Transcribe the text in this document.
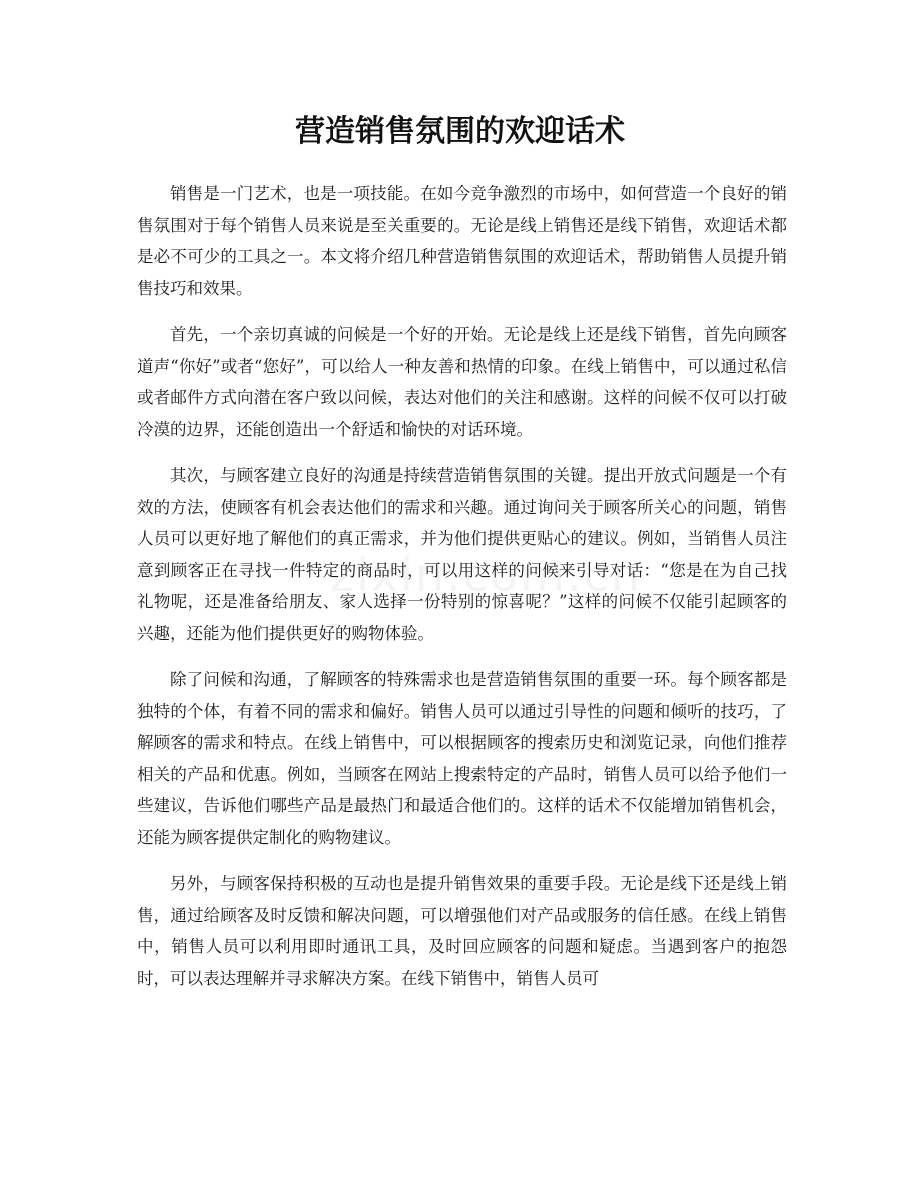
营造销售氛围的欢迎话术

销售是一门艺术，也是一项技能。在如今竞争激烈的市场中，如何营造一个良好的销售氛围对于每个销售人员来说是至关重要的。无论是线上销售还是线下销售，欢迎话术都是必不可少的工具之一。本文将介绍几种营造销售氛围的欢迎话术，帮助销售人员提升销售技巧和效果。

首先，一个亲切真诚的问候是一个好的开始。无论是线上还是线下销售，首先向顾客道声“你好”或者“您好”，可以给人一种友善和热情的印象。在线上销售中，可以通过私信或者邮件方式向潜在客户致以问候，表达对他们的关注和感谢。这样的问候不仅可以打破冷漠的边界，还能创造出一个舒适和愉快的对话环境。

其次，与顾客建立良好的沟通是持续营造销售氛围的关键。提出开放式问题是一个有效的方法，使顾客有机会表达他们的需求和兴趣。通过询问关于顾客所关心的问题，销售人员可以更好地了解他们的真正需求，并为他们提供更贴心的建议。例如，当销售人员注意到顾客正在寻找一件特定的商品时，可以用这样的问候来引导对话：“您是在为自己找礼物呢，还是准备给朋友、家人选择一份特别的惊喜呢？”这样的问候不仅能引起顾客的兴趣，还能为他们提供更好的购物体验。

除了问候和沟通，了解顾客的特殊需求也是营造销售氛围的重要一环。每个顾客都是独特的个体，有着不同的需求和偏好。销售人员可以通过引导性的问题和倾听的技巧，了解顾客的需求和特点。在线上销售中，可以根据顾客的搜索历史和浏览记录，向他们推荐相关的产品和优惠。例如，当顾客在网站上搜索特定的产品时，销售人员可以给予他们一些建议，告诉他们哪些产品是最热门和最适合他们的。这样的话术不仅能增加销售机会，还能为顾客提供定制化的购物建议。

另外，与顾客保持积极的互动也是提升销售效果的重要手段。无论是线下还是线上销售，通过给顾客及时反馈和解决问题，可以增强他们对产品或服务的信任感。在线上销售中，销售人员可以利用即时通讯工具，及时回应顾客的问题和疑虑。当遇到客户的抱怨时，可以表达理解并寻求解决方案。在线下销售中，销售人员可
